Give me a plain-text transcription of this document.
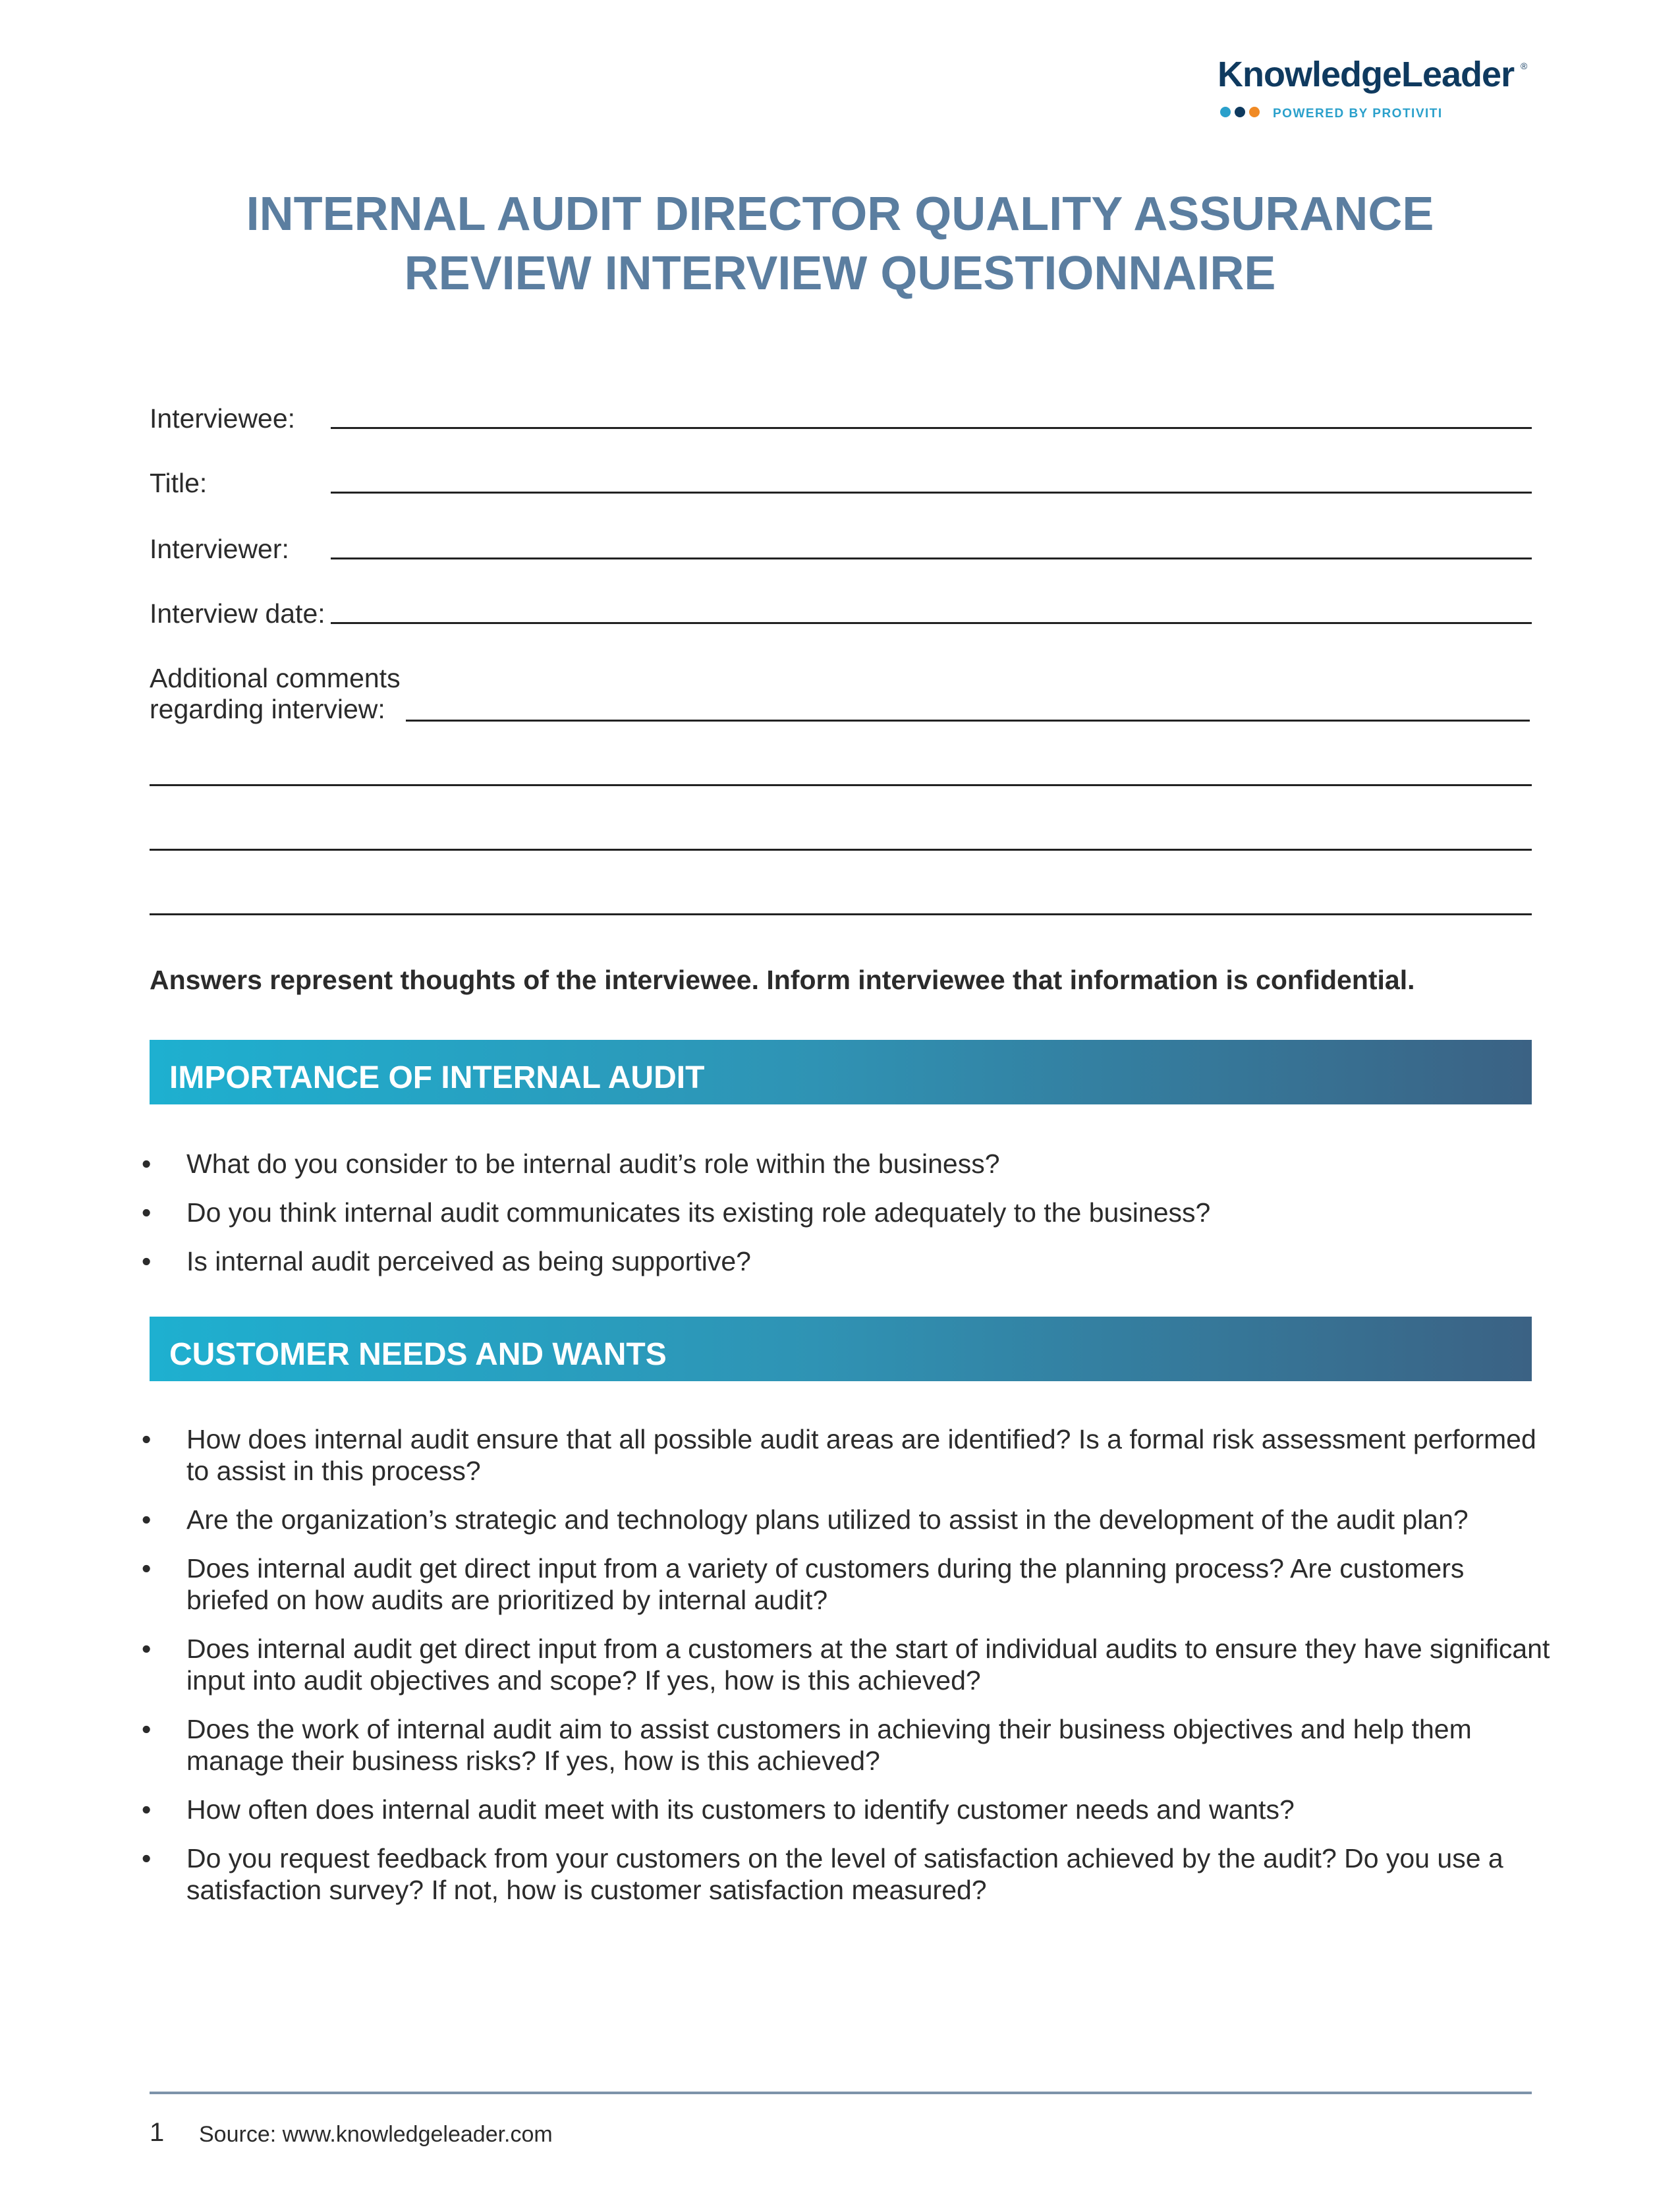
KnowledgeLeader ®
POWERED BY PROTIVITI
INTERNAL AUDIT DIRECTOR QUALITY ASSURANCE
REVIEW INTERVIEW QUESTIONNAIRE
Interviewee:
Title:
Interviewer:
Interview date:
Additional comments
regarding interview:
Answers represent thoughts of the interviewee. Inform interviewee that information is confidential.
IMPORTANCE OF INTERNAL AUDIT
• What do you consider to be internal audit’s role within the business?
• Do you think internal audit communicates its existing role adequately to the business?
• Is internal audit perceived as being supportive?
CUSTOMER NEEDS AND WANTS
• How does internal audit ensure that all possible audit areas are identified? Is a formal risk assessment performed to assist in this process?
• Are the organization’s strategic and technology plans utilized to assist in the development of the audit plan?
• Does internal audit get direct input from a variety of customers during the planning process? Are customers briefed on how audits are prioritized by internal audit?
• Does internal audit get direct input from a customers at the start of individual audits to ensure they have significant input into audit objectives and scope? If yes, how is this achieved?
• Does the work of internal audit aim to assist customers in achieving their business objectives and help them manage their business risks? If yes, how is this achieved?
• How often does internal audit meet with its customers to identify customer needs and wants?
• Do you request feedback from your customers on the level of satisfaction achieved by the audit? Do you use a satisfaction survey? If not, how is customer satisfaction measured?
1 Source: www.knowledgeleader.com
